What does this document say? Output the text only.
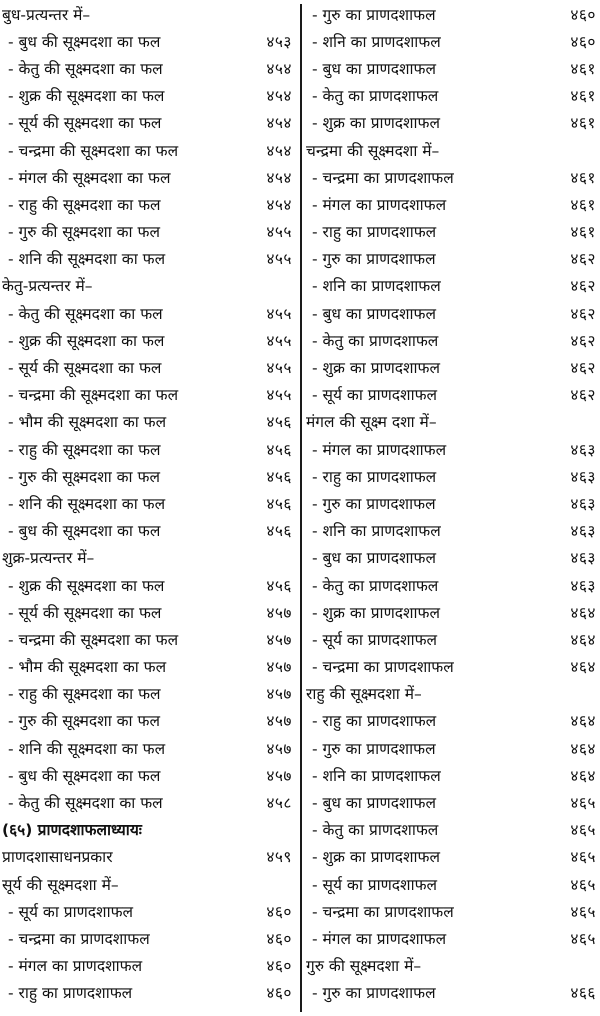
बुध-प्रत्यन्तर में–
- बुध की सूक्ष्मदशा का फल	४५३
- केतु की सूक्ष्मदशा का फल	४५४
- शुक्र की सूक्ष्मदशा का फल	४५४
- सूर्य की सूक्ष्मदशा का फल	४५४
- चन्द्रमा की सूक्ष्मदशा का फल	४५४
- मंगल की सूक्ष्मदशा का फल	४५४
- राहु की सूक्ष्मदशा का फल	४५४
- गुरु की सूक्ष्मदशा का फल	४५५
- शनि की सूक्ष्मदशा का फल	४५५
केतु-प्रत्यन्तर में–
- केतु की सूक्ष्मदशा का फल	४५५
- शुक्र की सूक्ष्मदशा का फल	४५५
- सूर्य की सूक्ष्मदशा का फल	४५५
- चन्द्रमा की सूक्ष्मदशा का फल	४५५
- भौम की सूक्ष्मदशा का फल	४५६
- राहु की सूक्ष्मदशा का फल	४५६
- गुरु की सूक्ष्मदशा का फल	४५६
- शनि की सूक्ष्मदशा का फल	४५६
- बुध की सूक्ष्मदशा का फल	४५६
शुक्र-प्रत्यन्तर में–
- शुक्र की सूक्ष्मदशा का फल	४५६
- सूर्य की सूक्ष्मदशा का फल	४५७
- चन्द्रमा की सूक्ष्मदशा का फल	४५७
- भौम की सूक्ष्मदशा का फल	४५७
- राहु की सूक्ष्मदशा का फल	४५७
- गुरु की सूक्ष्मदशा का फल	४५७
- शनि की सूक्ष्मदशा का फल	४५७
- बुध की सूक्ष्मदशा का फल	४५७
- केतु की सूक्ष्मदशा का फल	४५८
(६५) प्राणदशाफलाध्यायः
प्राणदशासाधनप्रकार	४५९
सूर्य की सूक्ष्मदशा में–
- सूर्य का प्राणदशाफल	४६०
- चन्द्रमा का प्राणदशाफल	४६०
- मंगल का प्राणदशाफल	४६०
- राहु का प्राणदशाफल	४६०
- गुरु का प्राणदशाफल	४६०
- शनि का प्राणदशाफल	४६०
- बुध का प्राणदशाफल	४६१
- केतु का प्राणदशाफल	४६१
- शुक्र का प्राणदशाफल	४६१
चन्द्रमा की सूक्ष्मदशा में–
- चन्द्रमा का प्राणदशाफल	४६१
- मंगल का प्राणदशाफल	४६१
- राहु का प्राणदशाफल	४६१
- गुरु का प्राणदशाफल	४६२
- शनि का प्राणदशाफल	४६२
- बुध का प्राणदशाफल	४६२
- केतु का प्राणदशाफल	४६२
- शुक्र का प्राणदशाफल	४६२
- सूर्य का प्राणदशाफल	४६२
मंगल की सूक्ष्म दशा में–
- मंगल का प्राणदशाफल	४६३
- राहु का प्राणदशाफल	४६३
- गुरु का प्राणदशाफल	४६३
- शनि का प्राणदशाफल	४६३
- बुध का प्राणदशाफल	४६३
- केतु का प्राणदशाफल	४६३
- शुक्र का प्राणदशाफल	४६४
- सूर्य का प्राणदशाफल	४६४
- चन्द्रमा का प्राणदशाफल	४६४
राहु की सूक्ष्मदशा में–
- राहु का प्राणदशाफल	४६४
- गुरु का प्राणदशाफल	४६४
- शनि का प्राणदशाफल	४६४
- बुध का प्राणदशाफल	४६५
- केतु का प्राणदशाफल	४६५
- शुक्र का प्राणदशाफल	४६५
- सूर्य का प्राणदशाफल	४६५
- चन्द्रमा का प्राणदशाफल	४६५
- मंगल का प्राणदशाफल	४६५
गुरु की सूक्ष्मदशा में–
- गुरु का प्राणदशाफल	४६६
